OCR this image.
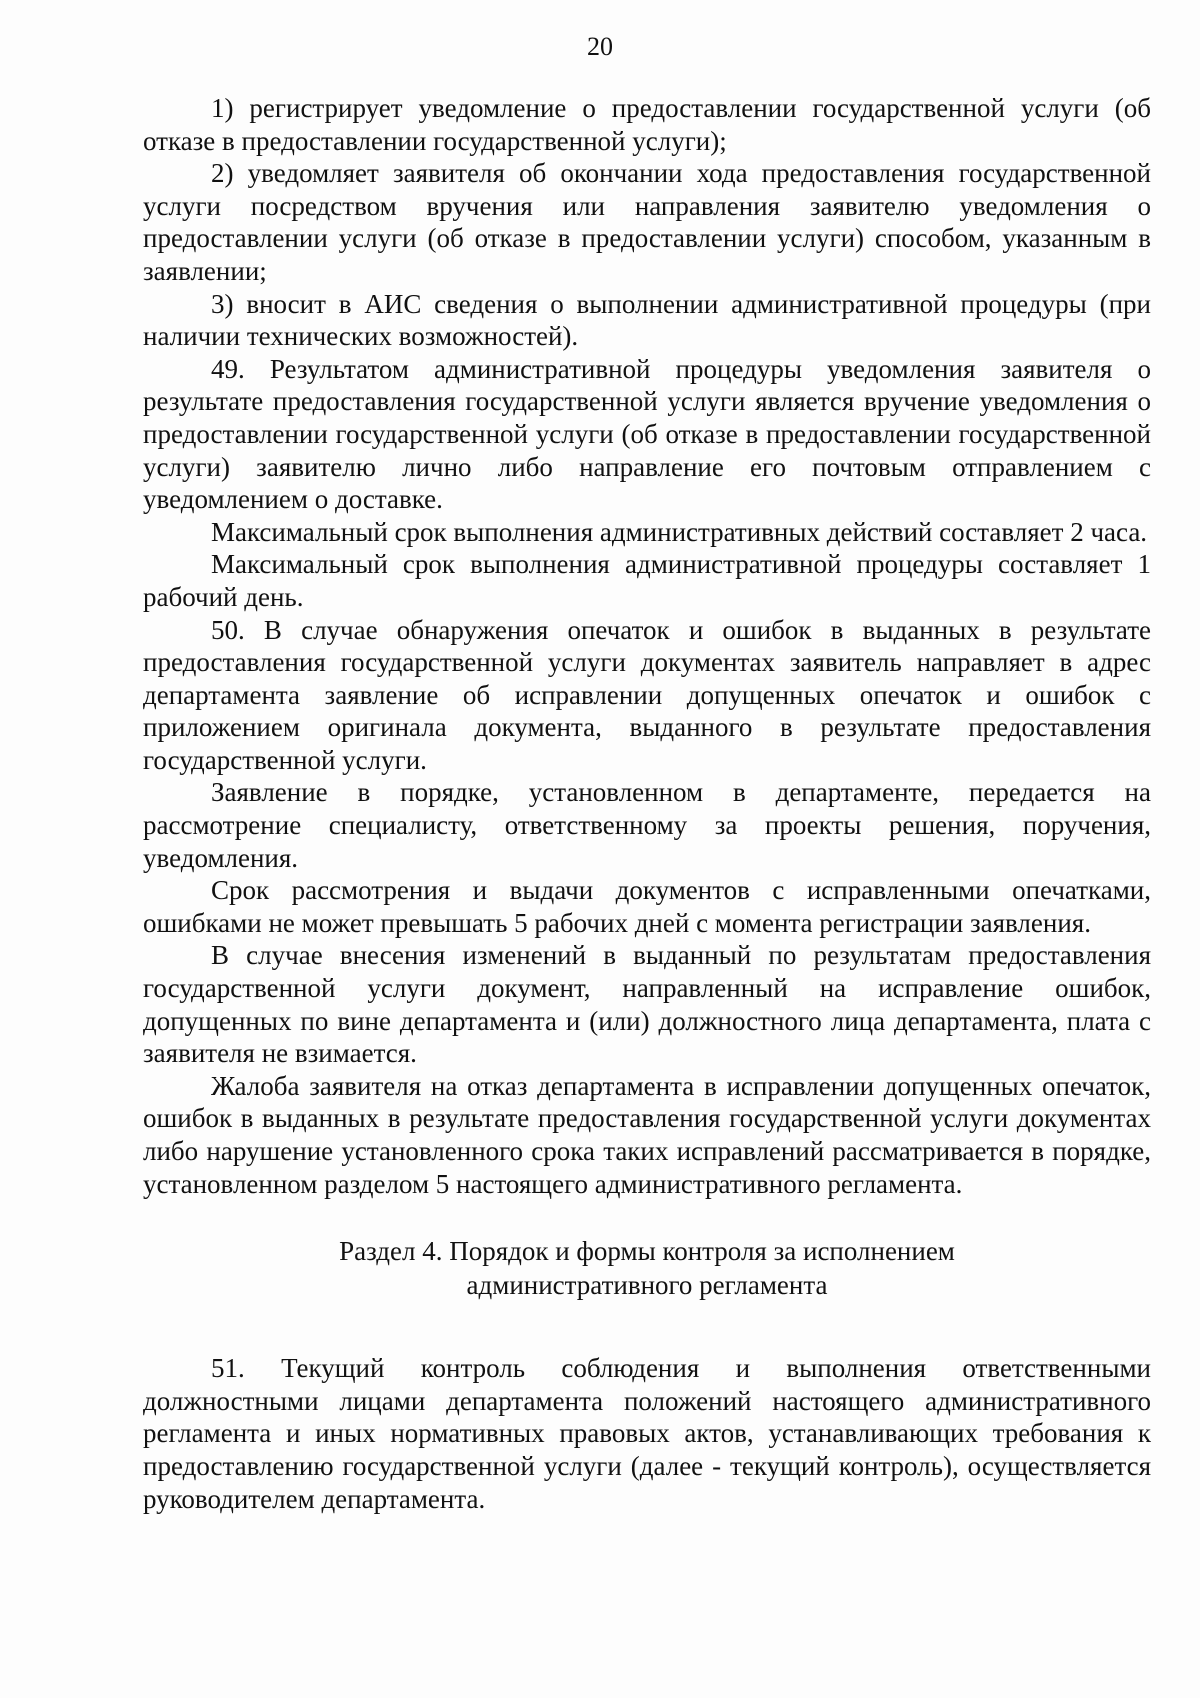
20

1) регистрирует уведомление о предоставлении государственной услуги (об отказе в предоставлении государственной услуги);

2) уведомляет заявителя об окончании хода предоставления государственной услуги посредством вручения или направления заявителю уведомления о предоставлении услуги (об отказе в предоставлении услуги) способом, указанным в заявлении;

3) вносит в АИС сведения о выполнении административной процедуры (при наличии технических возможностей).

49. Результатом административной процедуры уведомления заявителя о результате предоставления государственной услуги является вручение уведомления о предоставлении государственной услуги (об отказе в предоставлении государственной услуги) заявителю лично либо направление его почтовым отправлением с уведомлением о доставке.

Максимальный срок выполнения административных действий составляет 2 часа.

Максимальный срок выполнения административной процедуры составляет 1 рабочий день.

50. В случае обнаружения опечаток и ошибок в выданных в результате предоставления государственной услуги документах заявитель направляет в адрес департамента заявление об исправлении допущенных опечаток и ошибок с приложением оригинала документа, выданного в результате предоставления государственной услуги.

Заявление в порядке, установленном в департаменте, передается на рассмотрение специалисту, ответственному за проекты решения, поручения, уведомления.

Срок рассмотрения и выдачи документов с исправленными опечатками, ошибками не может превышать 5 рабочих дней с момента регистрации заявления.

В случае внесения изменений в выданный по результатам предоставления государственной услуги документ, направленный на исправление ошибок, допущенных по вине департамента и (или) должностного лица департамента, плата с заявителя не взимается.

Жалоба заявителя на отказ департамента в исправлении допущенных опечаток, ошибок в выданных в результате предоставления государственной услуги документах либо нарушение установленного срока таких исправлений рассматривается в порядке, установленном разделом 5 настоящего административного регламента.

Раздел 4. Порядок и формы контроля за исполнением
административного регламента

51. Текущий контроль соблюдения и выполнения ответственными должностными лицами департамента положений настоящего административного регламента и иных нормативных правовых актов, устанавливающих требования к предоставлению государственной услуги (далее - текущий контроль), осуществляется руководителем департамента.
